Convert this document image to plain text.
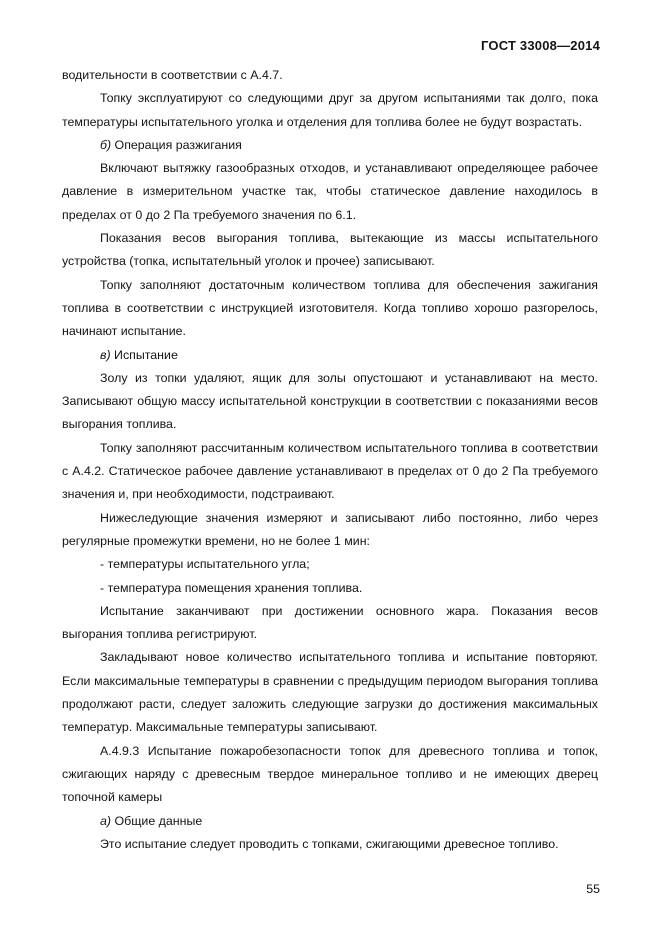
ГОСТ 33008—2014

водительности в соответствии с А.4.7.

Топку эксплуатируют со следующими друг за другом испытаниями так долго, пока температуры испытательного уголка и отделения для топлива более не будут возрастать.

б) Операция разжигания

Включают вытяжку газообразных отходов, и устанавливают определяющее рабочее давление в измерительном участке так, чтобы статическое давление находилось в пределах от 0 до 2 Па требуемого значения по 6.1.

Показания весов выгорания топлива, вытекающие из массы испытательного устройства (топка, испытательный уголок и прочее) записывают.

Топку заполняют достаточным количеством топлива для обеспечения зажигания топлива в соответствии с инструкцией изготовителя. Когда топливо хорошо разгорелось, начинают испытание.

в) Испытание

Золу из топки удаляют, ящик для золы опустошают и устанавливают на место. Записывают общую массу испытательной конструкции в соответствии с показаниями весов выгорания топлива.

Топку заполняют рассчитанным количеством испытательного топлива в соответствии с А.4.2. Статическое рабочее давление устанавливают в пределах от 0 до 2 Па требуемого значения и, при необходимости, подстраивают.

Нижеследующие значения измеряют и записывают либо постоянно, либо через регулярные промежутки времени, но не более 1 мин:

- температуры испытательного угла;

- температура помещения хранения топлива.

Испытание заканчивают при достижении основного жара. Показания весов выгорания топлива регистрируют.

Закладывают новое количество испытательного топлива и испытание повторяют. Если максимальные температуры в сравнении с предыдущим периодом выгорания топлива продолжают расти, следует заложить следующие загрузки до достижения максимальных температур. Максимальные температуры записывают.

А.4.9.3 Испытание пожаробезопасности топок для древесного топлива и топок, сжигающих наряду с древесным твердое минеральное топливо и не имеющих дверец топочной камеры

а) Общие данные

Это испытание следует проводить с топками, сжигающими древесное топливо.

55
